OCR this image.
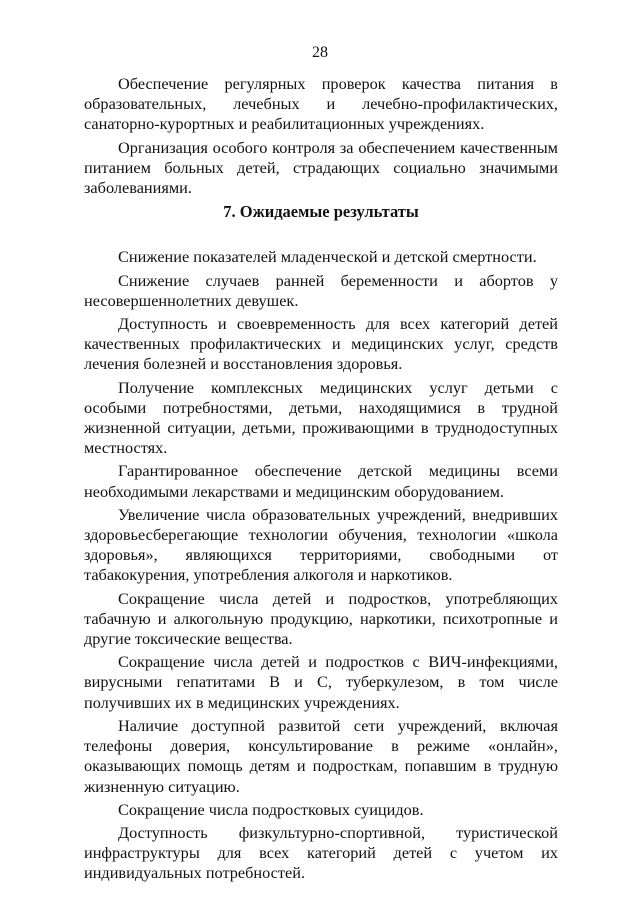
28

Обеспечение регулярных проверок качества питания в образовательных, лечебных и лечебно-профилактических, санаторно-курортных и реабилитационных учреждениях.

Организация особого контроля за обеспечением качественным питанием больных детей, страдающих социально значимыми заболеваниями.

7. Ожидаемые результаты

Снижение показателей младенческой и детской смертности.

Снижение случаев ранней беременности и абортов у несовершеннолетних девушек.

Доступность и своевременность для всех категорий детей качественных профилактических и медицинских услуг, средств лечения болезней и восстановления здоровья.

Получение комплексных медицинских услуг детьми с особыми потребностями, детьми, находящимися в трудной жизненной ситуации, детьми, проживающими в труднодоступных местностях.

Гарантированное обеспечение детской медицины всеми необходимыми лекарствами и медицинским оборудованием.

Увеличение числа образовательных учреждений, внедривших здоровьесберегающие технологии обучения, технологии «школа здоровья», являющихся территориями, свободными от табакокурения, употребления алкоголя и наркотиков.

Сокращение числа детей и подростков, употребляющих табачную и алкогольную продукцию, наркотики, психотропные и другие токсические вещества.

Сокращение числа детей и подростков с ВИЧ-инфекциями, вирусными гепатитами В и С, туберкулезом, в том числе получивших их в медицинских учреждениях.

Наличие доступной развитой сети учреждений, включая телефоны доверия, консультирование в режиме «онлайн», оказывающих помощь детям и подросткам, попавшим в трудную жизненную ситуацию.

Сокращение числа подростковых суицидов.

Доступность физкультурно-спортивной, туристической инфраструктуры для всех категорий детей с учетом их индивидуальных потребностей.
